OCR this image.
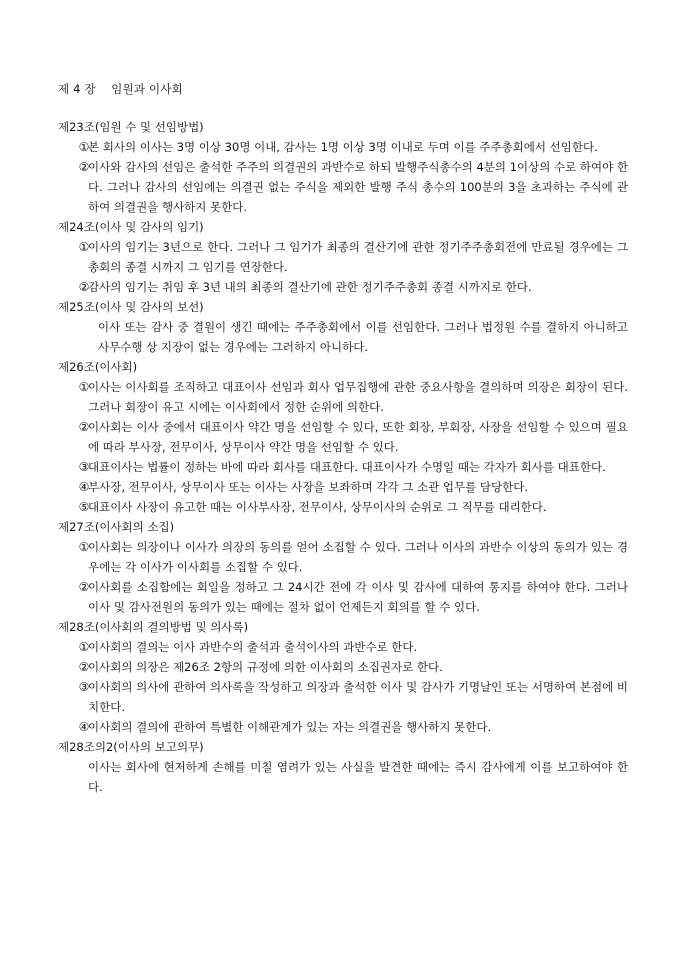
제 4 장    임원과 이사회
제23조(임원 수 및 선임방법)
①
본 회사의 이사는 3명 이상 30명 이내, 감사는 1명 이상 3명 이내로 두며 이를 주주총회에서 선임한다.
②
이사와 감사의 선임은 출석한 주주의 의결권의 과반수로 하되 발행주식총수의 4분의 1이상의 수로 하여야 한다. 그러나 감사의 선임에는 의결권 없는 주식을 제외한 발행 주식 총수의 100분의 3을 초과하는 주식에 관하여 의결권을 행사하지 못한다.
제24조(이사 및 감사의 임기)
①
이사의 임기는 3년으로 한다. 그러나 그 임기가 최종의 결산기에 관한 정기주주총회전에 만료될 경우에는 그 총회의 종결 시까지 그 임기를 연장한다.
②
감사의 임기는 취임 후 3년 내의 최종의 결산기에 관한 정기주주총회 종결 시까지로 한다.
제25조(이사 및 감사의 보선)
이사 또는 감사 중 결원이 생긴 때에는 주주총회에서 이를 선임한다. 그러나 법정원 수를 결하지 아니하고 사무수행 상 지장이 없는 경우에는 그러하지 아니하다.
제26조(이사회)
①
이사는 이사회를 조직하고 대표이사 선임과 회사 업무집행에 관한 중요사항을 결의하며 의장은 회장이 된다. 그러나 회장이 유고 시에는 이사회에서 정한 순위에 의한다.
②
이사회는 이사 중에서 대표이사 약간 명을 선임할 수 있다, 또한 회장, 부회장, 사장을 선임할 수 있으며 필요에 따라 부사장, 전무이사, 상무이사 약간 명을 선임할 수 있다.
③
대표이사는 법률이 정하는 바에 따라 회사를 대표한다. 대표이사가 수명일 때는 각자가 회사를 대표한다.
④
부사장, 전무이사, 상무이사 또는 이사는 사장을 보좌하며 각각 그 소관 업무를 담당한다.
⑤
대표이사 사장이 유고한 때는 이사부사장, 전무이사, 상무이사의 순위로 그 직무를 대리한다.
제27조(이사회의 소집)
①
이사회는 의장이나 이사가 의장의 동의를 얻어 소집할 수 있다. 그러나 이사의 과반수 이상의 동의가 있는 경우에는 각 이사가 이사회를 소집할 수 있다.
②
이사회를 소집함에는 회일을 정하고 그 24시간 전에 각 이사 및 감사에 대하여 통지를 하여야 한다. 그러나 이사 및 감사전원의 동의가 있는 때에는 절차 없이 언제든지 회의를 할 수 있다.
제28조(이사회의 결의방법 및 의사록)
①
이사회의 결의는 이사 과반수의 출석과 출석이사의 과반수로 한다.
②
이사회의 의장은 제26조 2항의 규정에 의한 이사회의 소집권자로 한다.
③
이사회의 의사에 관하여 의사록을 작성하고 의장과 출석한 이사 및 감사가 기명날인 또는 서명하여 본점에 비치한다.
④
이사회의 결의에 관하여 특별한 이해관계가 있는 자는 의결권을 행사하지 못한다.
제28조의2(이사의 보고의무)
이사는 회사에 현저하게 손해를 미칠 염려가 있는 사실을 발견한 때에는 즉시 감사에게 이를 보고하여야 한다.
